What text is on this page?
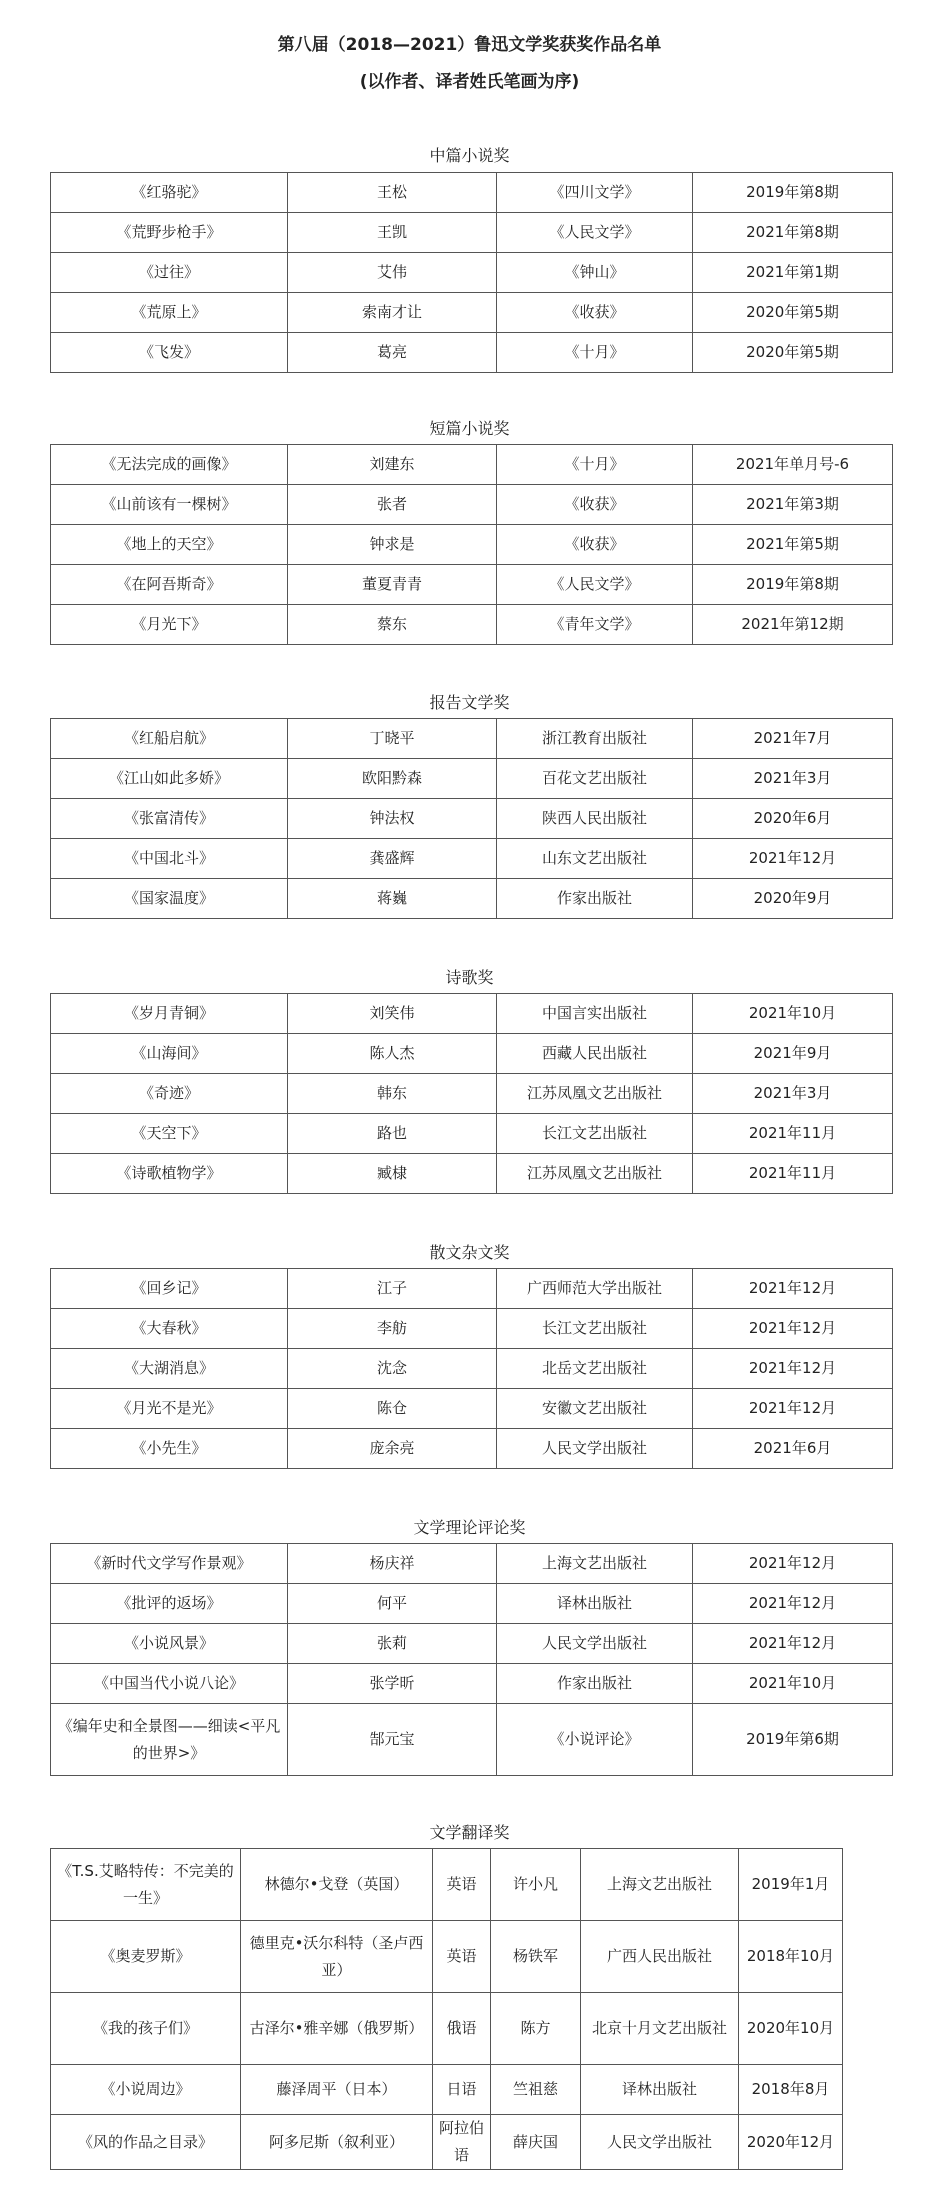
第八届（2018—2021）鲁迅文学奖获奖作品名单
(以作者、译者姓氏笔画为序)
中篇小说奖
《红骆驼》	王松	《四川文学》	2019年第8期
《荒野步枪手》	王凯	《人民文学》	2021年第8期
《过往》	艾伟	《钟山》	2021年第1期
《荒原上》	索南才让	《收获》	2020年第5期
《飞发》	葛亮	《十月》	2020年第5期
短篇小说奖
《无法完成的画像》	刘建东	《十月》	2021年单月号-6
《山前该有一棵树》	张者	《收获》	2021年第3期
《地上的天空》	钟求是	《收获》	2021年第5期
《在阿吾斯奇》	董夏青青	《人民文学》	2019年第8期
《月光下》	蔡东	《青年文学》	2021年第12期
报告文学奖
《红船启航》	丁晓平	浙江教育出版社	2021年7月
《江山如此多娇》	欧阳黔森	百花文艺出版社	2021年3月
《张富清传》	钟法权	陕西人民出版社	2020年6月
《中国北斗》	龚盛辉	山东文艺出版社	2021年12月
《国家温度》	蒋巍	作家出版社	2020年9月
诗歌奖
《岁月青铜》	刘笑伟	中国言实出版社	2021年10月
《山海间》	陈人杰	西藏人民出版社	2021年9月
《奇迹》	韩东	江苏凤凰文艺出版社	2021年3月
《天空下》	路也	长江文艺出版社	2021年11月
《诗歌植物学》	臧棣	江苏凤凰文艺出版社	2021年11月
散文杂文奖
《回乡记》	江子	广西师范大学出版社	2021年12月
《大春秋》	李舫	长江文艺出版社	2021年12月
《大湖消息》	沈念	北岳文艺出版社	2021年12月
《月光不是光》	陈仓	安徽文艺出版社	2021年12月
《小先生》	庞余亮	人民文学出版社	2021年6月
文学理论评论奖
《新时代文学写作景观》	杨庆祥	上海文艺出版社	2021年12月
《批评的返场》	何平	译林出版社	2021年12月
《小说风景》	张莉	人民文学出版社	2021年12月
《中国当代小说八论》	张学昕	作家出版社	2021年10月
《编年史和全景图——细读<平凡的世界>》	郜元宝	《小说评论》	2019年第6期
文学翻译奖
《T.S.艾略特传：不完美的一生》	林德尔•戈登（英国）	英语	许小凡	上海文艺出版社	2019年1月
《奥麦罗斯》	德里克•沃尔科特（圣卢西亚）	英语	杨铁军	广西人民出版社	2018年10月
《我的孩子们》	古泽尔•雅辛娜（俄罗斯）	俄语	陈方	北京十月文艺出版社	2020年10月
《小说周边》	藤泽周平（日本）	日语	竺祖慈	译林出版社	2018年8月
《风的作品之目录》	阿多尼斯（叙利亚）	阿拉伯语	薛庆国	人民文学出版社	2020年12月
